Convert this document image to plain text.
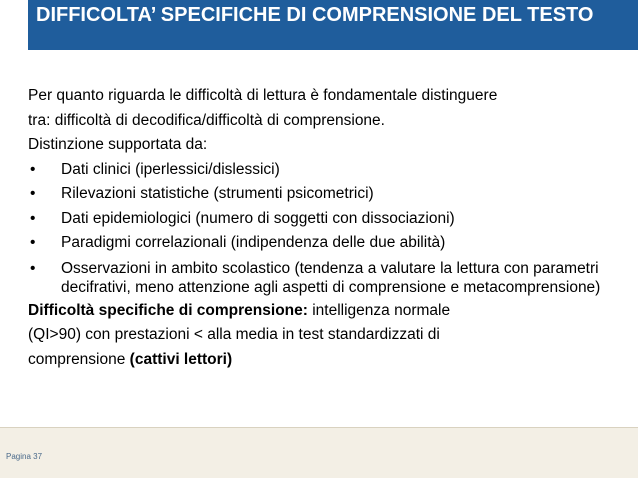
DIFFICOLTA’ SPECIFICHE DI COMPRENSIONE DEL TESTO

Per quanto riguarda le difficoltà di lettura è fondamentale distinguere

tra: difficoltà di decodifica/difficoltà di comprensione.

Distinzione supportata da:

•	Dati clinici (iperlessici/dislessici)
•	Rilevazioni statistiche (strumenti psicometrici)
•	Dati epidemiologici (numero di soggetti con dissociazioni)
•	Paradigmi correlazionali (indipendenza delle due abilità)
•	Osservazioni in ambito scolastico (tendenza a valutare la lettura con parametri decifrativi, meno attenzione agli aspetti di comprensione e metacomprensione)

Difficoltà specifiche di comprensione: intelligenza normale

(QI>90) con prestazioni < alla media in test standardizzati di

comprensione (cattivi lettori)

Pagina 37
